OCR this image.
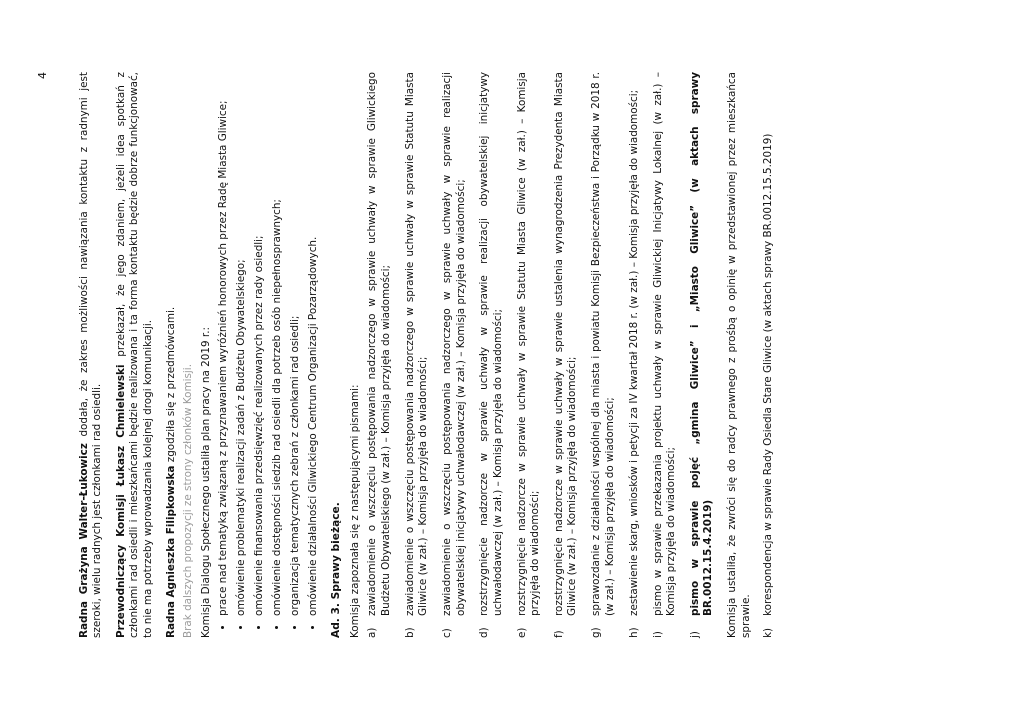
4

Radna Grażyna Walter-Łukowicz dodała, że zakres możliwości nawiązania kontaktu z radnymi jest szeroki, wielu radnych jest członkami rad osiedli. Przewodniczący Komisji Łukasz Chmielewski przekazał, że jego zdaniem, jeżeli idea spotkań z członkami rad osiedli i mieszkańcami będzie realizowana i ta forma kontaktu będzie dobrze funkcjonować, to nie ma potrzeby wprowadzania kolejnej drogi komunikacji. Radna Agnieszka Filipkowska zgodziła się z przedmówcami. Brak dalszych propozycji ze strony członków Komisji. Komisja Dialogu Społecznego ustaliła plan pracy na 2019 r.: • prace nad tematyką związaną z przyznawaniem wyróżnień honorowych przez Radę Miasta Gliwice; • omówienie problematyki realizacji zadań z Budżetu Obywatelskiego; • omówienie finansowania przedsięwzięć realizowanych przez rady osiedli; • omówienie dostępności siedzib rad osiedli dla potrzeb osób niepełnosprawnych; • organizacja tematycznych zebrań z członkami rad osiedli; • omówienie działalności Gliwickiego Centrum Organizacji Pozarządowych. Ad. 3. Sprawy bieżące. Komisja zapoznała się z następującymi pismami: a)
zawiadomienie o wszczęciu postępowania nadzorczego w sprawie uchwały w sprawie Gliwickiego Budżetu Obywatelskiego (w zał.) – Komisja przyjęła do wiadomości;
b)
zawiadomienie o wszczęciu postępowania nadzorczego w sprawie uchwały w sprawie Statutu Miasta Gliwice (w zał.) – Komisja przyjęła do wiadomości;
c)
zawiadomienie o wszczęciu postępowania nadzorczego w sprawie uchwały w sprawie realizacji obywatelskiej inicjatywy uchwałodawczej (w zał.) – Komisja przyjęła do wiadomości;
d)
rozstrzygnięcie nadzorcze w sprawie uchwały w sprawie realizacji obywatelskiej inicjatywy uchwałodawczej (w zał.) – Komisja przyjęła do wiadomości;
e)
rozstrzygnięcie nadzorcze w sprawie uchwały w sprawie Statutu Miasta Gliwice (w zał.) – Komisja przyjęła do wiadomości;
f)
rozstrzygnięcie nadzorcze w sprawie uchwały w sprawie ustalenia wynagrodzenia Prezydenta Miasta Gliwice (w zał.) – Komisja przyjęła do wiadomości;
g)
sprawozdanie z działalności wspólnej dla miasta i powiatu Komisji Bezpieczeństwa i Porządku w 2018 r. (w zał.) – Komisja przyjęła do wiadomości;
h)
zestawienie skarg, wniosków i petycji za IV kwartał 2018 r. (w zał.) – Komisja przyjęła do wiadomości;
i)
pismo w sprawie przekazania projektu uchwały w sprawie Gliwickiej Inicjatywy Lokalnej (w zał.) – Komisja przyjęła do wiadomości;
j)
pismo w sprawie pojęć „gmina Gliwice” i „Miasto Gliwice” (w aktach sprawy BR.0012.15.4.2019) Komisja ustaliła, że zwróci się do radcy prawnego z prośbą o opinię w przedstawionej przez mieszkańca sprawie. k)
korespondencja w sprawie Rady Osiedla Stare Gliwice (w aktach sprawy BR.0012.15.5.2019)
